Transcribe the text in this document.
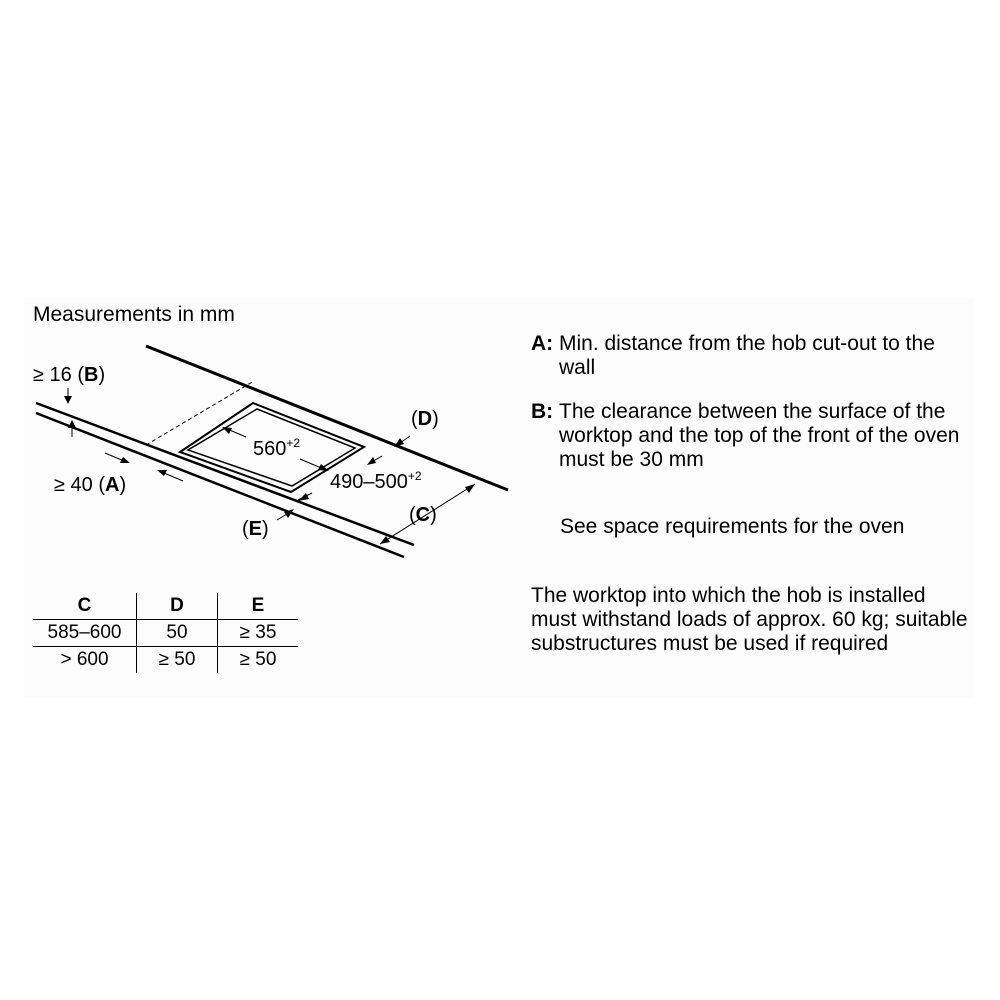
Measurements in mm
$560^{+2}$
$490-500^{+2}$
≥ 16 (B)
≥ 40 (A)
(D)
(C)
(E)
C	D	E
585–600	50	≥ 35
> 600	≥ 50	≥ 50
A: Min. distance from the hob cut-out to the wall
B: The clearance between the surface of the worktop and the top of the front of the oven must be 30 mm
See space requirements for the oven
The worktop into which the hob is installed must withstand loads of approx. 60 kg; suitable substructures must be used if required
